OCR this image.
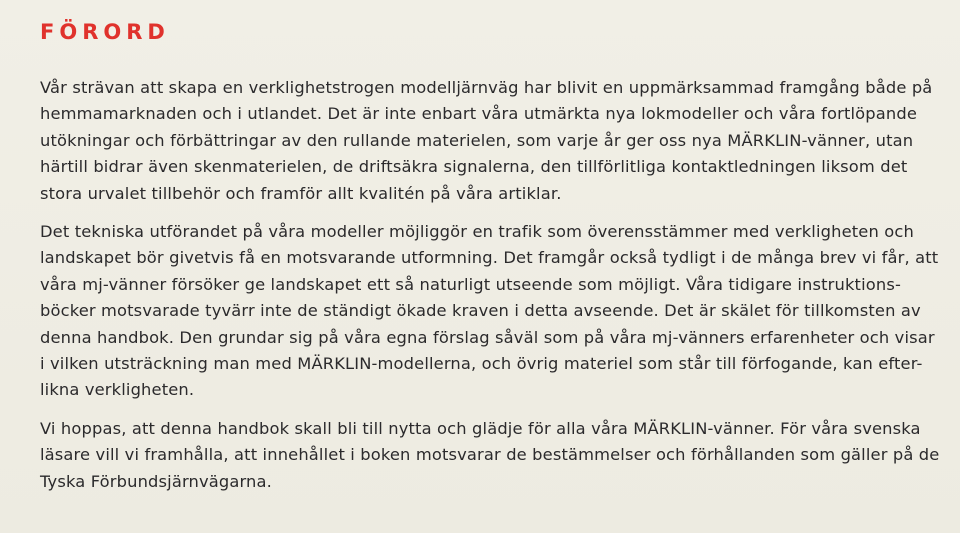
FÖRORD

Vår strävan att skapa en verklighetstrogen modelljärnväg har blivit en uppmärksammad framgång både på
hemmamarknaden och i utlandet. Det är inte enbart våra utmärkta nya lokmodeller och våra fortlöpande
utökningar och förbättringar av den rullande materielen, som varje år ger oss nya MÄRKLIN-vänner, utan
härtill bidrar även skenmaterielen, de driftsäkra signalerna, den tillförlitliga kontaktledningen liksom det
stora urvalet tillbehör och framför allt kvalitén på våra artiklar.

Det tekniska utförandet på våra modeller möjliggör en trafik som överensstämmer med verkligheten och
landskapet bör givetvis få en motsvarande utformning. Det framgår också tydligt i de många brev vi får, att
våra mj-vänner försöker ge landskapet ett så naturligt utseende som möjligt. Våra tidigare instruktions-
böcker motsvarade tyvärr inte de ständigt ökade kraven i detta avseende. Det är skälet för tillkomsten av
denna handbok. Den grundar sig på våra egna förslag såväl som på våra mj-vänners erfarenheter och visar
i vilken utsträckning man med MÄRKLIN-modellerna, och övrig materiel som står till förfogande, kan efter-
likna verkligheten.

Vi hoppas, att denna handbok skall bli till nytta och glädje för alla våra MÄRKLIN-vänner. För våra svenska
läsare vill vi framhålla, att innehållet i boken motsvarar de bestämmelser och förhållanden som gäller på de
Tyska Förbundsjärnvägarna.
